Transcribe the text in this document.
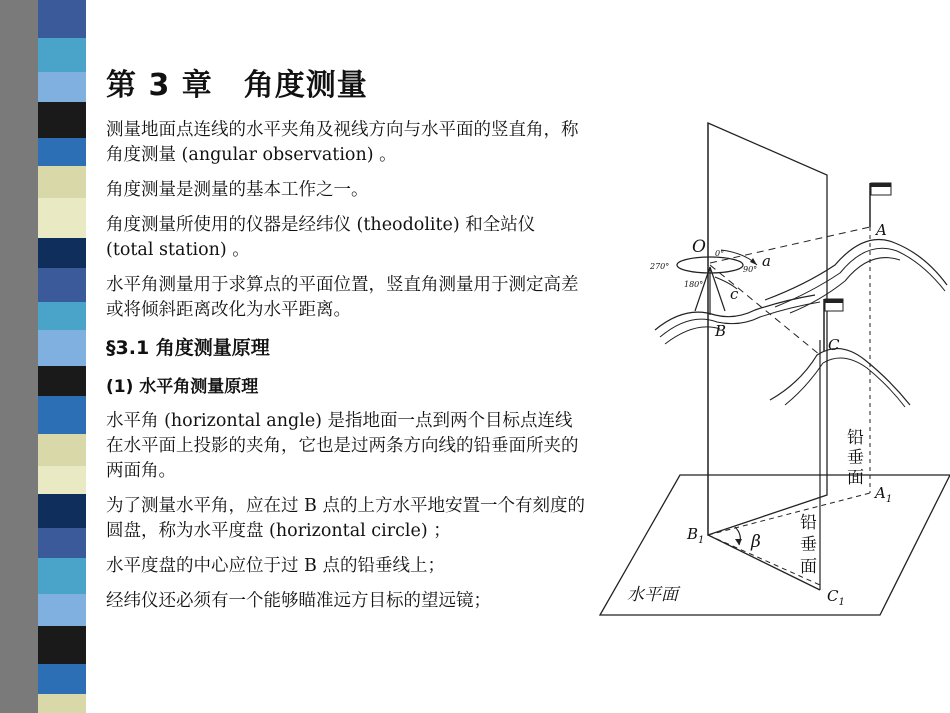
第 3 章　角度测量

测量地面点连线的水平夹角及视线方向与水平面的竖直角，称角度测量 (angular observation) 。

角度测量是测量的基本工作之一。

角度测量所使用的仪器是经纬仪 (theodolite) 和全站仪 (total station) 。

水平角测量用于求算点的平面位置，竖直角测量用于测定高差或将倾斜距离改化为水平距离。

§3.1 角度测量原理
(1) 水平角测量原理

水平角 (horizontal angle) 是指地面一点到两个目标点连线在水平面上投影的夹角，它也是过两条方向线的铅垂面所夹的两面角。

为了测量水平角，应在过 B 点的上方水平地安置一个有刻度的圆盘，称为水平度盘 (horizontal circle) ；

水平度盘的中心应位于过 B 点的铅垂线上；

经纬仪还必须有一个能够瞄准远方目标的望远镜；

O
a
c
A
B
C
$A_1$
$B_1$
$C_1$
β
0°
90°
180°
270°
水平面
铅
垂
面
铅
垂
面
